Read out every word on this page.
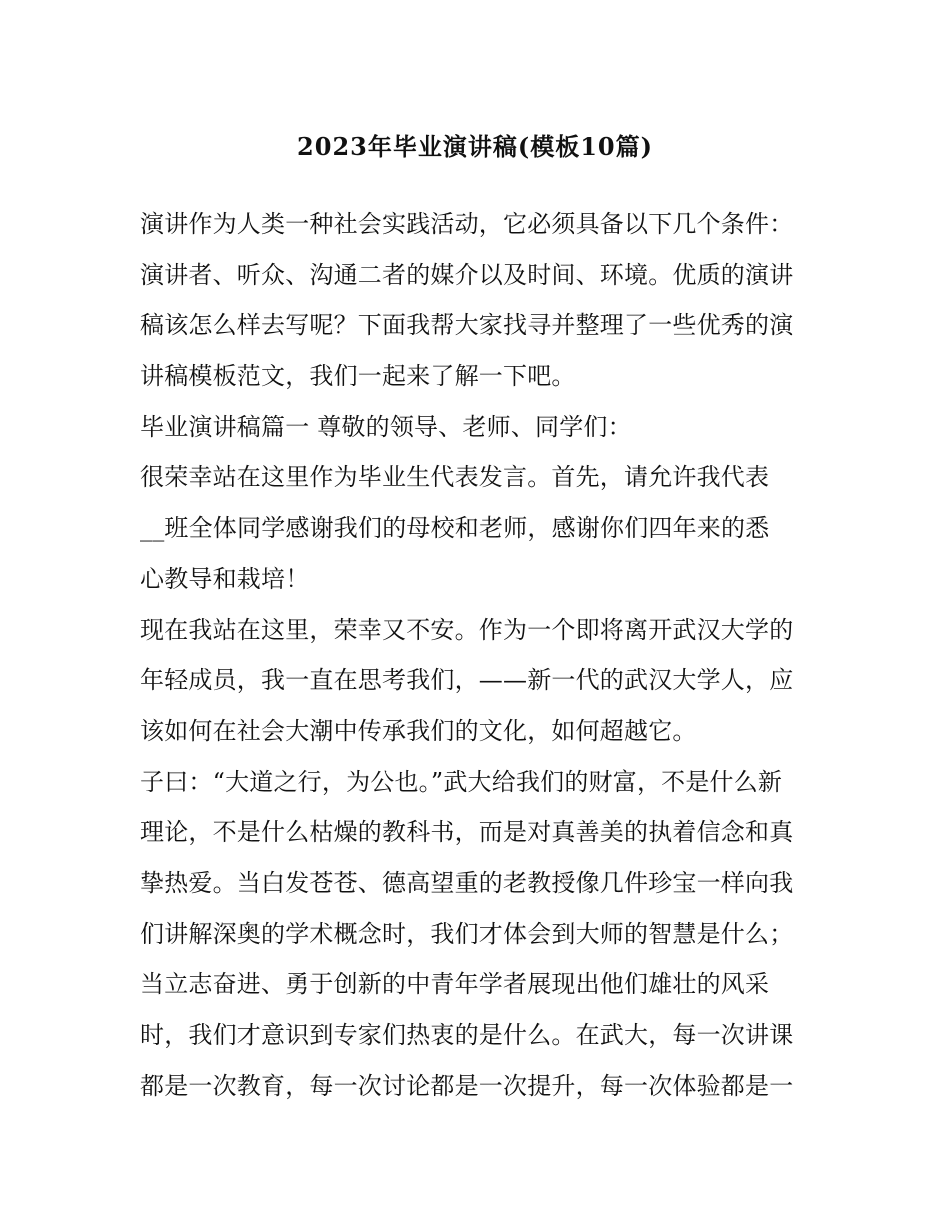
2023年毕业演讲稿(模板10篇)
演讲作为人类一种社会实践活动，它必须具备以下几个条件：
演讲者、听众、沟通二者的媒介以及时间、环境。优质的演讲
稿该怎么样去写呢？下面我帮大家找寻并整理了一些优秀的演
讲稿模板范文，我们一起来了解一下吧。
毕业演讲稿篇一 尊敬的领导、老师、同学们：
很荣幸站在这里作为毕业生代表发言。首先，请允许我代表
__班全体同学感谢我们的母校和老师，感谢你们四年来的悉
心教导和栽培！
现在我站在这里，荣幸又不安。作为一个即将离开武汉大学的
年轻成员，我一直在思考我们，——新一代的武汉大学人，应
该如何在社会大潮中传承我们的文化，如何超越它。
子曰：“大道之行，为公也。”武大给我们的财富，不是什么新
理论，不是什么枯燥的教科书，而是对真善美的执着信念和真
挚热爱。当白发苍苍、德高望重的老教授像几件珍宝一样向我
们讲解深奥的学术概念时，我们才体会到大师的智慧是什么；
当立志奋进、勇于创新的中青年学者展现出他们雄壮的风采
时，我们才意识到专家们热衷的是什么。在武大，每一次讲课
都是一次教育，每一次讨论都是一次提升，每一次体验都是一
